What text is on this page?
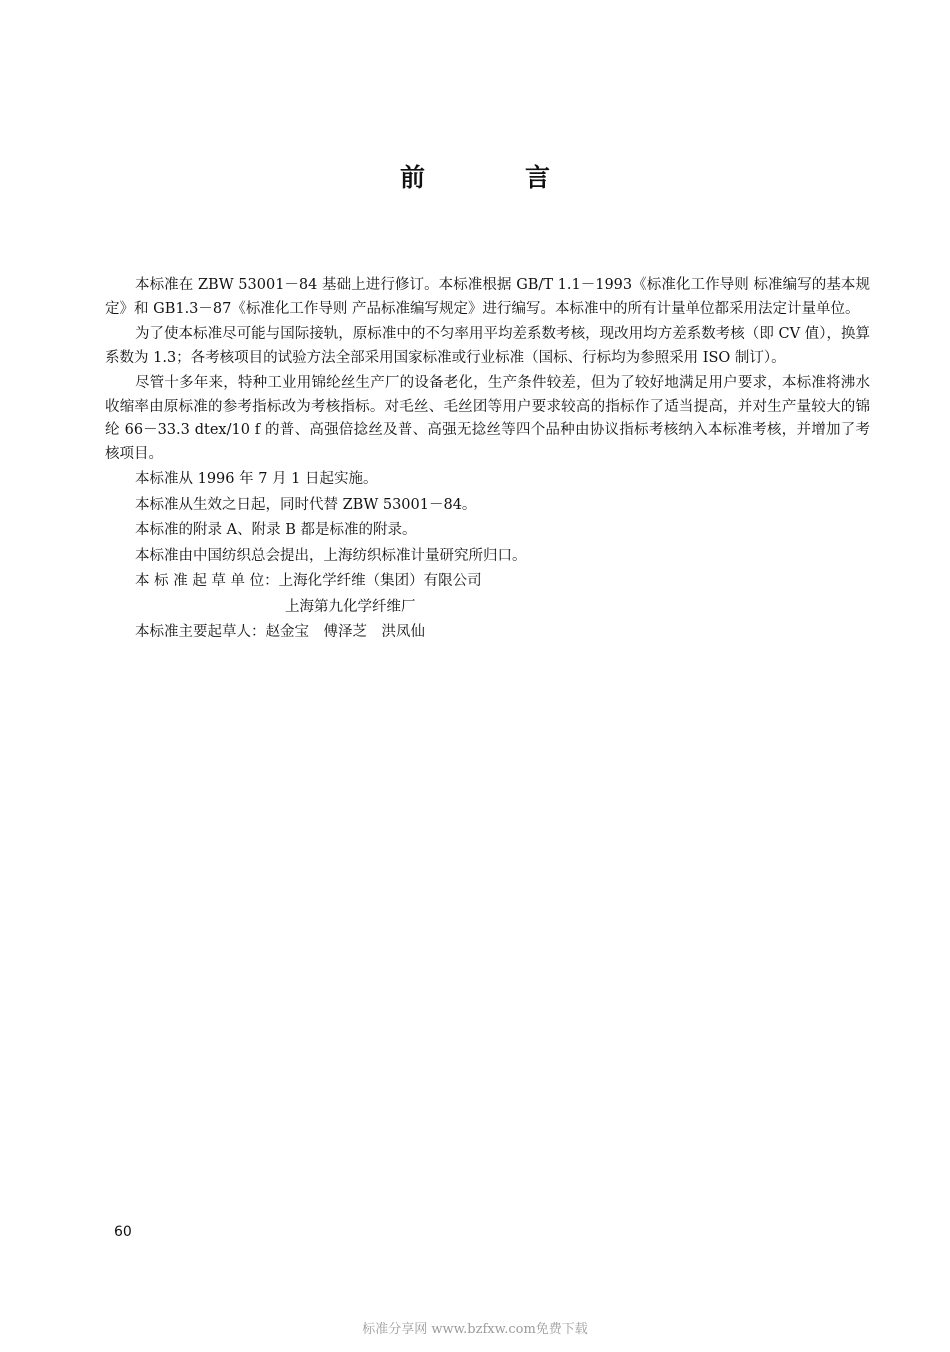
前	言

本标准在 ZBW 53001－84 基础上进行修订。本标准根据 GB/T 1.1－1993《标准化工作导则 标准编写的基本规定》和 GB1.3－87《标准化工作导则 产品标准编写规定》进行编写。本标准中的所有计量单位都采用法定计量单位。

为了使本标准尽可能与国际接轨，原标准中的不匀率用平均差系数考核，现改用均方差系数考核（即 CV 值），换算系数为 1.3；各考核项目的试验方法全部采用国家标准或行业标准（国标、行标均为参照采用 ISO 制订）。

尽管十多年来，特种工业用锦纶丝生产厂的设备老化，生产条件较差，但为了较好地满足用户要求，本标准将沸水收缩率由原标准的参考指标改为考核指标。对毛丝、毛丝团等用户要求较高的指标作了适当提高，并对生产量较大的锦纶 66－33.3 dtex/10 f 的普、高强倍捻丝及普、高强无捻丝等四个品种由协议指标考核纳入本标准考核，并增加了考核项目。

本标准从 1996 年 7 月 1 日起实施。
本标准从生效之日起，同时代替 ZBW 53001－84。
本标准的附录 A、附录 B 都是标准的附录。
本标准由中国纺织总会提出，上海纺织标准计量研究所归口。
本 标 准 起 草 单 位：上海化学纤维（集团）有限公司
上海第九化学纤维厂
本标准主要起草人：赵金宝　傅泽芝　洪凤仙
60
标准分享网 www.bzfxw.com免费下载
